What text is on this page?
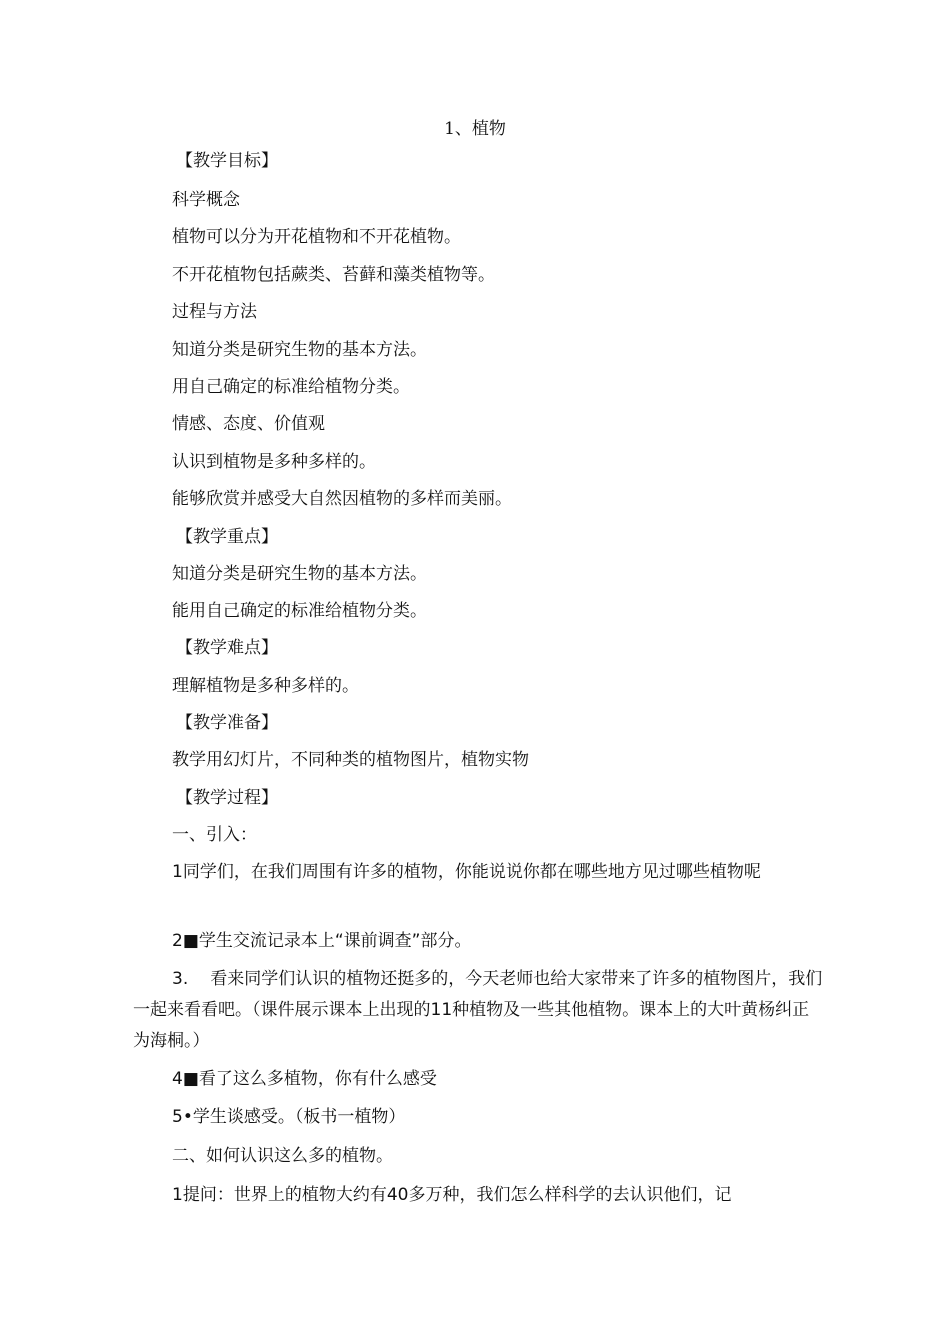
1、植物
【教学目标】
科学概念
植物可以分为开花植物和不开花植物。
不开花植物包括蕨类、苔藓和藻类植物等。
过程与方法
知道分类是研究生物的基本方法。
用自己确定的标准给植物分类。
情感、态度、价值观
认识到植物是多种多样的。
能够欣赏并感受大自然因植物的多样而美丽。
【教学重点】
知道分类是研究生物的基本方法。
能用自己确定的标准给植物分类。
【教学难点】
理解植物是多种多样的。
【教学准备】
教学用幻灯片，不同种类的植物图片，植物实物
【教学过程】
一、引入：
1同学们，在我们周围有许多的植物，你能说说你都在哪些地方见过哪些植物呢
2■学生交流记录本上“课前调查”部分。
3. 看来同学们认识的植物还挺多的，今天老师也给大家带来了许多的植物图片，我们一起来看看吧。（课件展示课本上出现的11种植物及一些其他植物。课本上的大叶黄杨纠正为海桐。）
4■看了这么多植物，你有什么感受
5•学生谈感受。（板书一植物）
二、如何认识这么多的植物。
1提问：世界上的植物大约有40多万种，我们怎么样科学的去认识他们，记
